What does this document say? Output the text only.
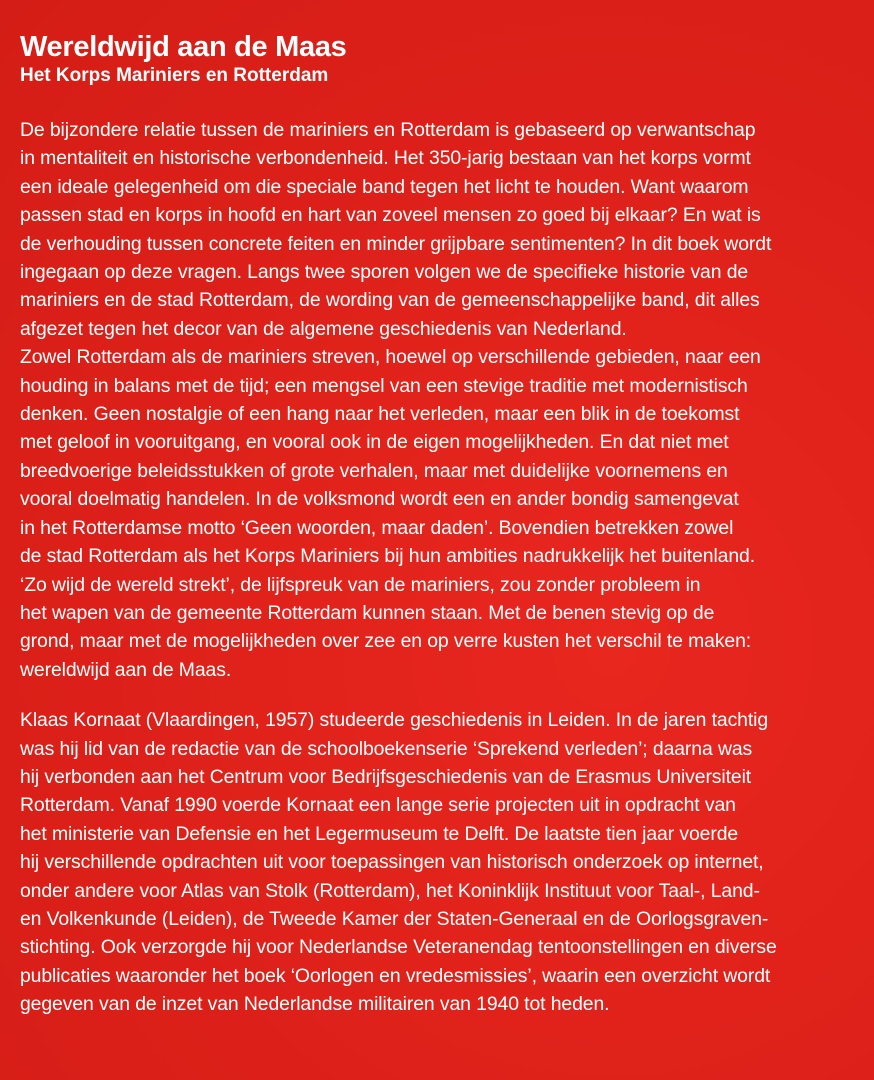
Wereldwijd aan de Maas
Het Korps Mariniers en Rotterdam
De bijzondere relatie tussen de mariniers en Rotterdam is gebaseerd op verwantschap
in mentaliteit en historische verbondenheid. Het 350-jarig bestaan van het korps vormt
een ideale gelegenheid om die speciale band tegen het licht te houden. Want waarom
passen stad en korps in hoofd en hart van zoveel mensen zo goed bij elkaar? En wat is
de verhouding tussen concrete feiten en minder grijpbare sentimenten? In dit boek wordt
ingegaan op deze vragen. Langs twee sporen volgen we de specifieke historie van de
mariniers en de stad Rotterdam, de wording van de gemeenschappelijke band, dit alles
afgezet tegen het decor van de algemene geschiedenis van Nederland.
Zowel Rotterdam als de mariniers streven, hoewel op verschillende gebieden, naar een
houding in balans met de tijd; een mengsel van een stevige traditie met modernistisch
denken. Geen nostalgie of een hang naar het verleden, maar een blik in de toekomst
met geloof in vooruitgang, en vooral ook in de eigen mogelijkheden. En dat niet met
breedvoerige beleidsstukken of grote verhalen, maar met duidelijke voornemens en
vooral doelmatig handelen. In de volksmond wordt een en ander bondig samengevat
in het Rotterdamse motto ‘Geen woorden, maar daden’. Bovendien betrekken zowel
de stad Rotterdam als het Korps Mariniers bij hun ambities nadrukkelijk het buitenland.
‘Zo wijd de wereld strekt’, de lijfspreuk van de mariniers, zou zonder probleem in
het wapen van de gemeente Rotterdam kunnen staan. Met de benen stevig op de
grond, maar met de mogelijkheden over zee en op verre kusten het verschil te maken:
wereldwijd aan de Maas.
Klaas Kornaat (Vlaardingen, 1957) studeerde geschiedenis in Leiden. In de jaren tachtig
was hij lid van de redactie van de schoolboekenserie ‘Sprekend verleden’; daarna was
hij verbonden aan het Centrum voor Bedrijfsgeschiedenis van de Erasmus Universiteit
Rotterdam. Vanaf 1990 voerde Kornaat een lange serie projecten uit in opdracht van
het ministerie van Defensie en het Legermuseum te Delft. De laatste tien jaar voerde
hij verschillende opdrachten uit voor toepassingen van historisch onderzoek op internet,
onder andere voor Atlas van Stolk (Rotterdam), het Koninklijk Instituut voor Taal-, Land-
en Volkenkunde (Leiden), de Tweede Kamer der Staten-Generaal en de Oorlogsgraven-
stichting. Ook verzorgde hij voor Nederlandse Veteranendag tentoonstellingen en diverse
publicaties waaronder het boek ‘Oorlogen en vredesmissies’, waarin een overzicht wordt
gegeven van de inzet van Nederlandse militairen van 1940 tot heden.
